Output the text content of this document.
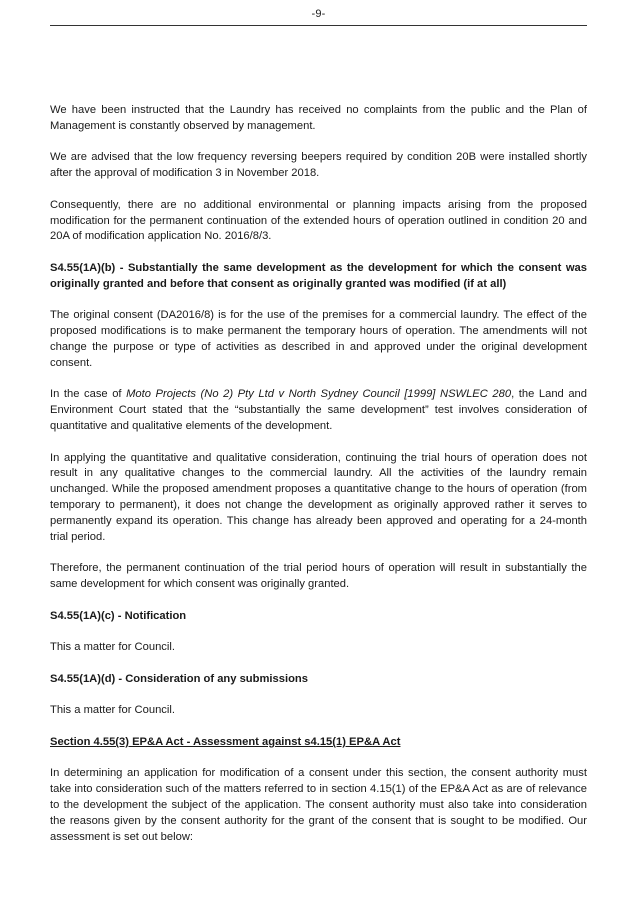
-9-

We have been instructed that the Laundry has received no complaints from the public and the Plan of Management is constantly observed by management.

We are advised that the low frequency reversing beepers required by condition 20B were installed shortly after the approval of modification 3 in November 2018.

Consequently, there are no additional environmental or planning impacts arising from the proposed modification for the permanent continuation of the extended hours of operation outlined in condition 20 and 20A of modification application No. 2016/8/3.

S4.55(1A)(b) - Substantially the same development as the development for which the consent was originally granted and before that consent as originally granted was modified (if at all)

The original consent (DA2016/8) is for the use of the premises for a commercial laundry. The effect of the proposed modifications is to make permanent the temporary hours of operation. The amendments will not change the purpose or type of activities as described in and approved under the original development consent.

In the case of Moto Projects (No 2) Pty Ltd v North Sydney Council [1999] NSWLEC 280, the Land and Environment Court stated that the “substantially the same development” test involves consideration of quantitative and qualitative elements of the development.

In applying the quantitative and qualitative consideration, continuing the trial hours of operation does not result in any qualitative changes to the commercial laundry. All the activities of the laundry remain unchanged. While the proposed amendment proposes a quantitative change to the hours of operation (from temporary to permanent), it does not change the development as originally approved rather it serves to permanently expand its operation. This change has already been approved and operating for a 24-month trial period.

Therefore, the permanent continuation of the trial period hours of operation will result in substantially the same development for which consent was originally granted.

S4.55(1A)(c) - Notification

This a matter for Council.

S4.55(1A)(d) - Consideration of any submissions

This a matter for Council.

Section 4.55(3) EP&A Act - Assessment against s4.15(1) EP&A Act

In determining an application for modification of a consent under this section, the consent authority must take into consideration such of the matters referred to in section 4.15(1) of the EP&A Act as are of relevance to the development the subject of the application. The consent authority must also take into consideration the reasons given by the consent authority for the grant of the consent that is sought to be modified. Our assessment is set out below:
